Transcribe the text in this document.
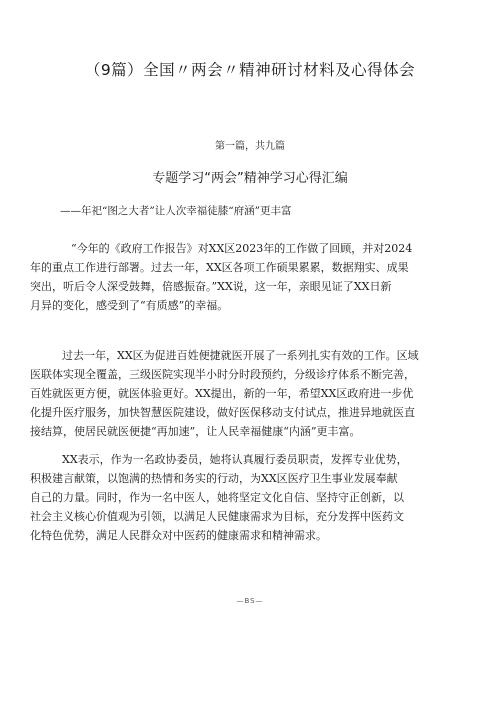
（9篇）全国〃两会〃精神研讨材料及心得体会
第一篇，共九篇
专题学习“两会”精神学习心得汇编
——年祀“图之大者”让人次幸福徒膝“府涵”更丰富
“今年的《政府工作报告》对XX区2023年的工作做了回顾，并对2024
年的重点工作进行部署。过去一年，XX区各项工作硕果累累，数据翔实、成果
突出，听后令人深受鼓舞，倍感振奋。”XX说，这一年，亲眼见证了XX日新
月异的变化，感受到了“有质感”的幸福。
过去一年，XX区为促进百姓便捷就医开展了一系列扎实有效的工作。区域
医联体实现全覆盖，三级医院实现半小时分时段预约，分级诊疗体系不断完善，
百姓就医更方便，就医体验更好。XX提出，新的一年，希望XX区政府进一步优
化提升医疗服务，加快智慧医院建设，做好医保移动支付试点，推进异地就医直
接结算，使居民就医便捷“再加速”，让人民幸福健康“内涵”更丰富。
XX表示，作为一名政协委员，她将认真履行委员职责，发挥专业优势，
积极建言献策，以饱满的热情和务实的行动，为XX区医疗卫生事业发展奉献
自己的力量。同时，作为一名中医人，她将坚定文化自信、坚持守正创新，以
社会主义核心价值观为引领，以满足人民健康需求为目标，充分发挥中医药文
化特色优势，满足人民群众对中医药的健康需求和精神需求。
—BS—
